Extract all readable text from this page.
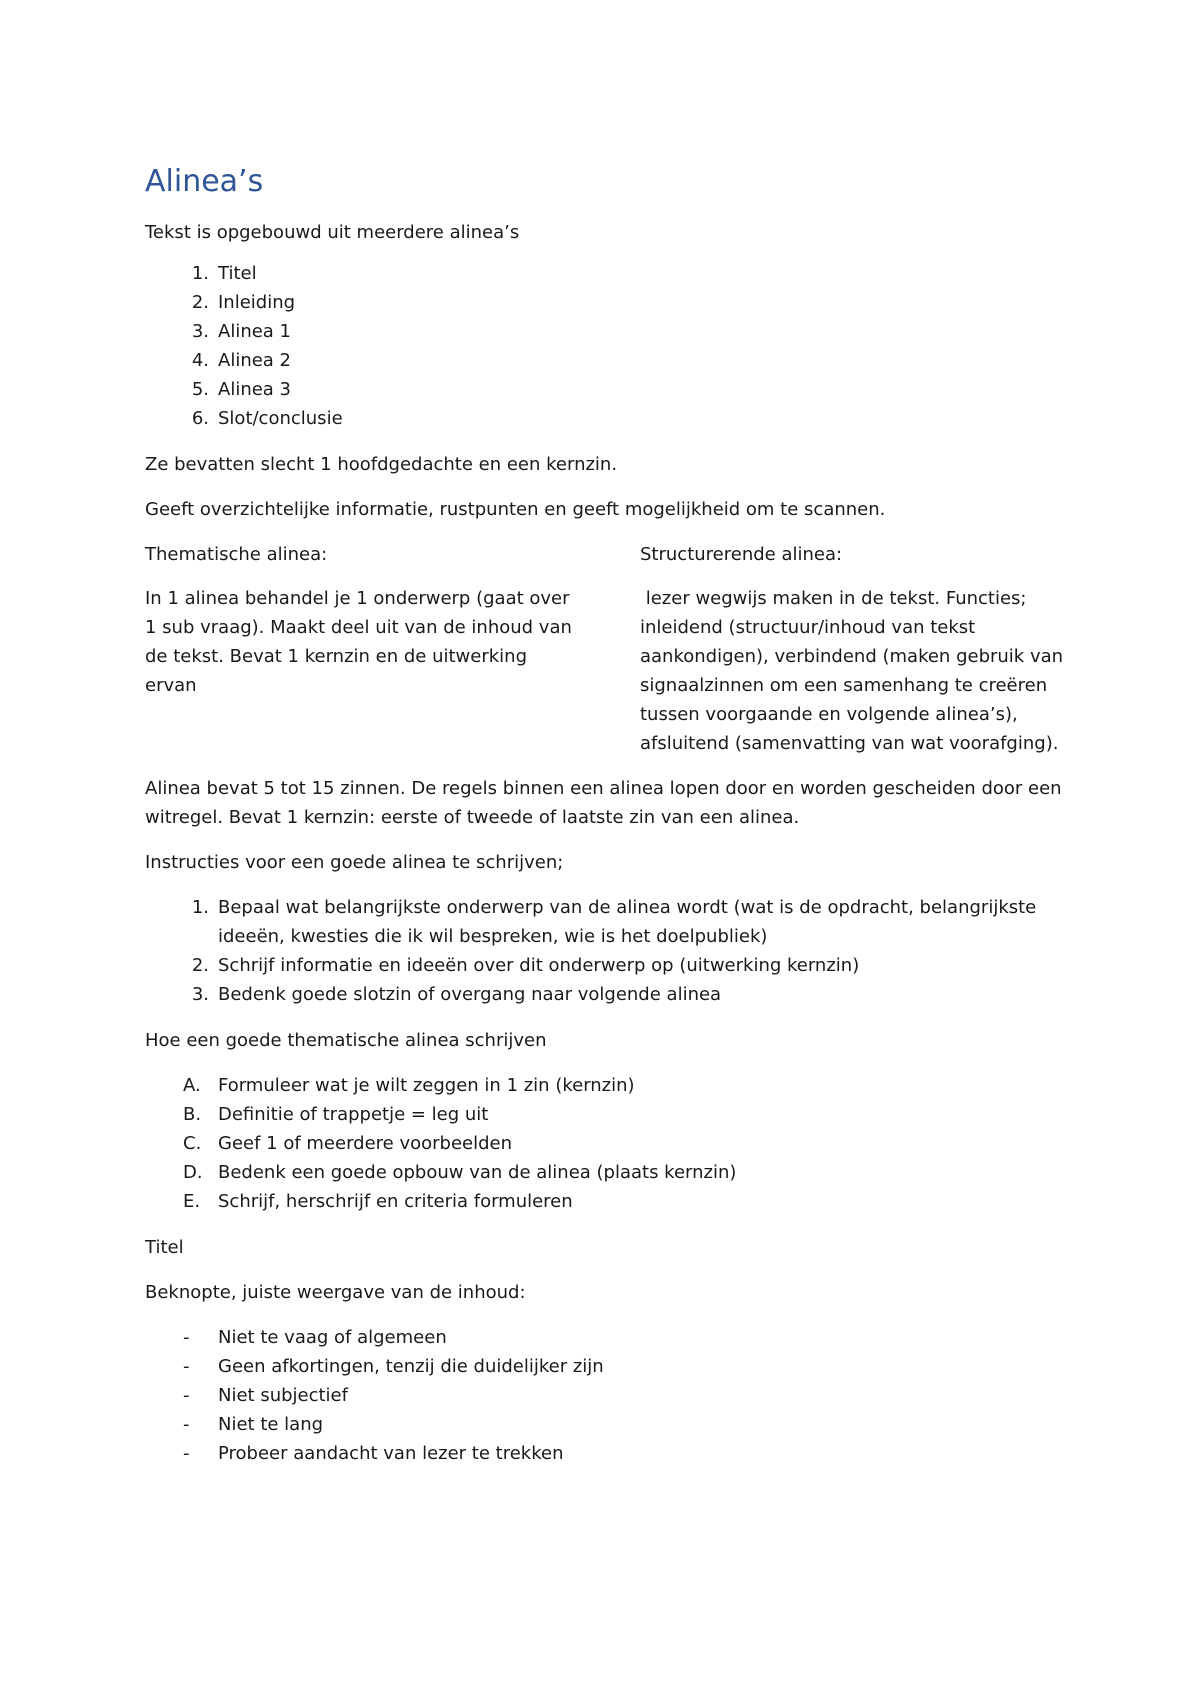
Alinea’s

Tekst is opgebouwd uit meerdere alinea’s

1. Titel
2. Inleiding
3. Alinea 1
4. Alinea 2
5. Alinea 3
6. Slot/conclusie

Ze bevatten slecht 1 hoofdgedachte en een kernzin.

Geeft overzichtelijke informatie, rustpunten en geeft mogelijkheid om te scannen.

Thematische alinea:

In 1 alinea behandel je 1 onderwerp (gaat over 1 sub vraag). Maakt deel uit van de inhoud van de tekst. Bevat 1 kernzin en de uitwerking ervan

Structurerende alinea:

lezer wegwijs maken in de tekst. Functies; inleidend (structuur/inhoud van tekst aankondigen), verbindend (maken gebruik van signaalzinnen om een samenhang te creëren tussen voorgaande en volgende alinea’s), afsluitend (samenvatting van wat voorafging).

Alinea bevat 5 tot 15 zinnen. De regels binnen een alinea lopen door en worden gescheiden door een witregel. Bevat 1 kernzin: eerste of tweede of laatste zin van een alinea.

Instructies voor een goede alinea te schrijven;

1. Bepaal wat belangrijkste onderwerp van de alinea wordt (wat is de opdracht, belangrijkste ideeën, kwesties die ik wil bespreken, wie is het doelpubliek)
2. Schrijf informatie en ideeën over dit onderwerp op (uitwerking kernzin)
3. Bedenk goede slotzin of overgang naar volgende alinea

Hoe een goede thematische alinea schrijven

A. Formuleer wat je wilt zeggen in 1 zin (kernzin)
B. Definitie of trappetje = leg uit
C. Geef 1 of meerdere voorbeelden
D. Bedenk een goede opbouw van de alinea (plaats kernzin)
E. Schrijf, herschrijf en criteria formuleren

Titel

Beknopte, juiste weergave van de inhoud:

-	Niet te vaag of algemeen
-	Geen afkortingen, tenzij die duidelijker zijn
-	Niet subjectief
-	Niet te lang
-	Probeer aandacht van lezer te trekken
